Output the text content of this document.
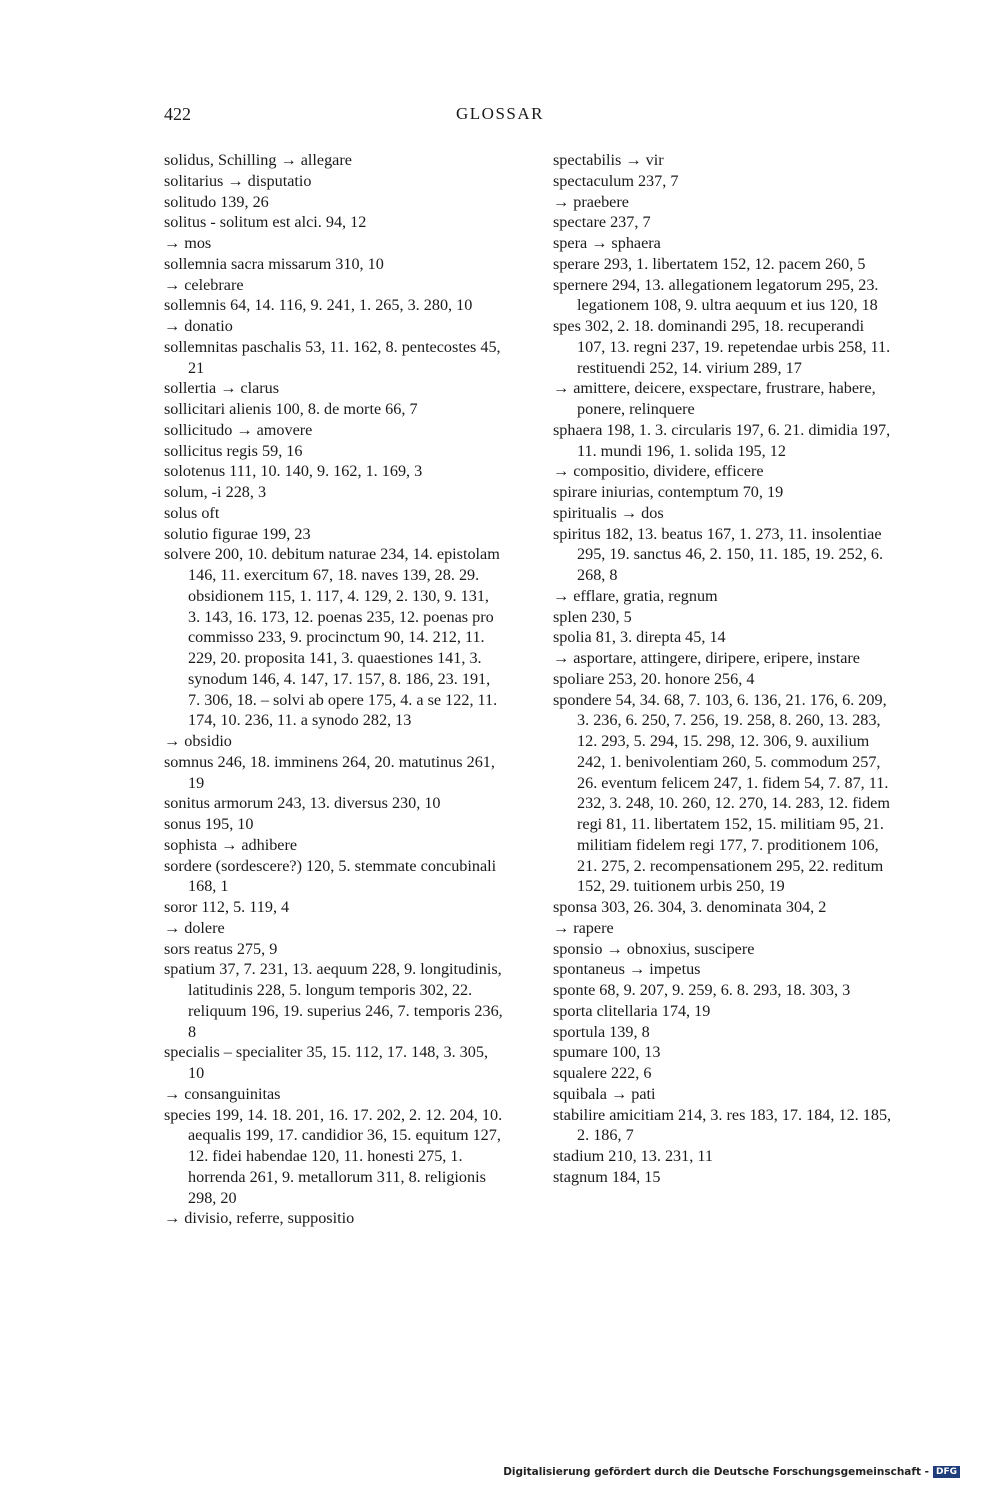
422	GLOSSAR

solidus, Schilling → allegare

solitarius → disputatio

solitudo 139, 26

solitus - solitum est alci. 94, 12

→ mos

sollemnia sacra missarum 310, 10

→ celebrare

sollemnis 64, 14. 116, 9. 241, 1. 265, 3. 280, 10

→ donatio

sollemnitas paschalis 53, 11. 162, 8. pentecostes 45, 21

sollertia → clarus

sollicitari alienis 100, 8. de morte 66, 7

sollicitudo → amovere

sollicitus regis 59, 16

solotenus 111, 10. 140, 9. 162, 1. 169, 3

solum, -i 228, 3

solus oft

solutio figurae 199, 23

solvere 200, 10. debitum naturae 234, 14. epistolam 146, 11. exercitum 67, 18. naves 139, 28. 29. obsidionem 115, 1. 117, 4. 129, 2. 130, 9. 131, 3. 143, 16. 173, 12. poenas 235, 12. poenas pro commisso 233, 9. procinctum 90, 14. 212, 11. 229, 20. proposita 141, 3. quaestiones 141, 3. synodum 146, 4. 147, 17. 157, 8. 186, 23. 191, 7. 306, 18. – solvi ab opere 175, 4. a se 122, 11. 174, 10. 236, 11. a synodo 282, 13

→ obsidio

somnus 246, 18. imminens 264, 20. matutinus 261, 19

sonitus armorum 243, 13. diversus 230, 10

sonus 195, 10

sophista → adhibere

sordere (sordescere?) 120, 5. stemmate concubinali 168, 1

soror 112, 5. 119, 4

→ dolere

sors reatus 275, 9

spatium 37, 7. 231, 13. aequum 228, 9. longitudinis, latitudinis 228, 5. longum temporis 302, 22. reliquum 196, 19. superius 246, 7. temporis 236, 8

specialis – specialiter 35, 15. 112, 17. 148, 3. 305, 10

→ consanguinitas

species 199, 14. 18. 201, 16. 17. 202, 2. 12. 204, 10. aequalis 199, 17. candidior 36, 15. equitum 127, 12. fidei habendae 120, 11. honesti 275, 1. horrenda 261, 9. metallorum 311, 8. religionis 298, 20

→ divisio, referre, suppositio

spectabilis → vir

spectaculum 237, 7

→ praebere

spectare 237, 7

spera → sphaera

sperare 293, 1. libertatem 152, 12. pacem 260, 5

spernere 294, 13. allegationem legatorum 295, 23. legationem 108, 9. ultra aequum et ius 120, 18

spes 302, 2. 18. dominandi 295, 18. recuperandi 107, 13. regni 237, 19. repetendae urbis 258, 11. restituendi 252, 14. virium 289, 17

→ amittere, deicere, exspectare, frustrare, habere, ponere, relinquere

sphaera 198, 1. 3. circularis 197, 6. 21. dimidia 197, 11. mundi 196, 1. solida 195, 12

→ compositio, dividere, efficere

spirare iniurias, contemptum 70, 19

spiritualis → dos

spiritus 182, 13. beatus 167, 1. 273, 11. insolentiae 295, 19. sanctus 46, 2. 150, 11. 185, 19. 252, 6. 268, 8

→ efflare, gratia, regnum

splen 230, 5

spolia 81, 3. direpta 45, 14

→ asportare, attingere, diripere, eripere, instare

spoliare 253, 20. honore 256, 4

spondere 54, 34. 68, 7. 103, 6. 136, 21. 176, 6. 209, 3. 236, 6. 250, 7. 256, 19. 258, 8. 260, 13. 283, 12. 293, 5. 294, 15. 298, 12. 306, 9. auxilium 242, 1. benivolentiam 260, 5. commodum 257, 26. eventum felicem 247, 1. fidem 54, 7. 87, 11. 232, 3. 248, 10. 260, 12. 270, 14. 283, 12. fidem regi 81, 11. libertatem 152, 15. militiam 95, 21. militiam fidelem regi 177, 7. proditionem 106, 21. 275, 2. recompensationem 295, 22. reditum 152, 29. tuitionem urbis 250, 19

sponsa 303, 26. 304, 3. denominata 304, 2

→ rapere

sponsio → obnoxius, suscipere

spontaneus → impetus

sponte 68, 9. 207, 9. 259, 6. 8. 293, 18. 303, 3

sporta clitellaria 174, 19

sportula 139, 8

spumare 100, 13

squalere 222, 6

squibala → pati

stabilire amicitiam 214, 3. res 183, 17. 184, 12. 185, 2. 186, 7

stadium 210, 13. 231, 11

stagnum 184, 15

Digitalisierung gefördert durch die Deutsche Forschungsgemeinschaft - DFG
